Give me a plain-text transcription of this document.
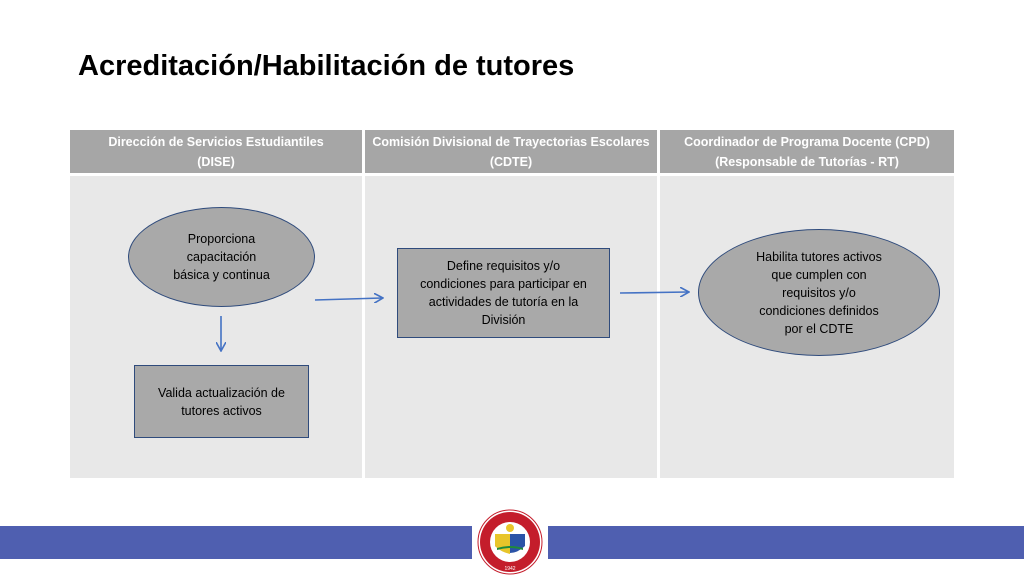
Acreditación/Habilitación de tutores
Dirección de Servicios Estudiantiles
(DISE)
Comisión Divisional de Trayectorias Escolares
(CDTE)
Coordinador de Programa Docente (CPD)
(Responsable de Tutorías - RT)
Proporciona
capacitación
básica y continua
Valida actualización de
tutores activos
Define requisitos y/o
condiciones para participar en
actividades de tutoría en la
División
Habilita tutores activos
que cumplen con
requisitos y/o
condiciones definidos
por el CDTE
1942
